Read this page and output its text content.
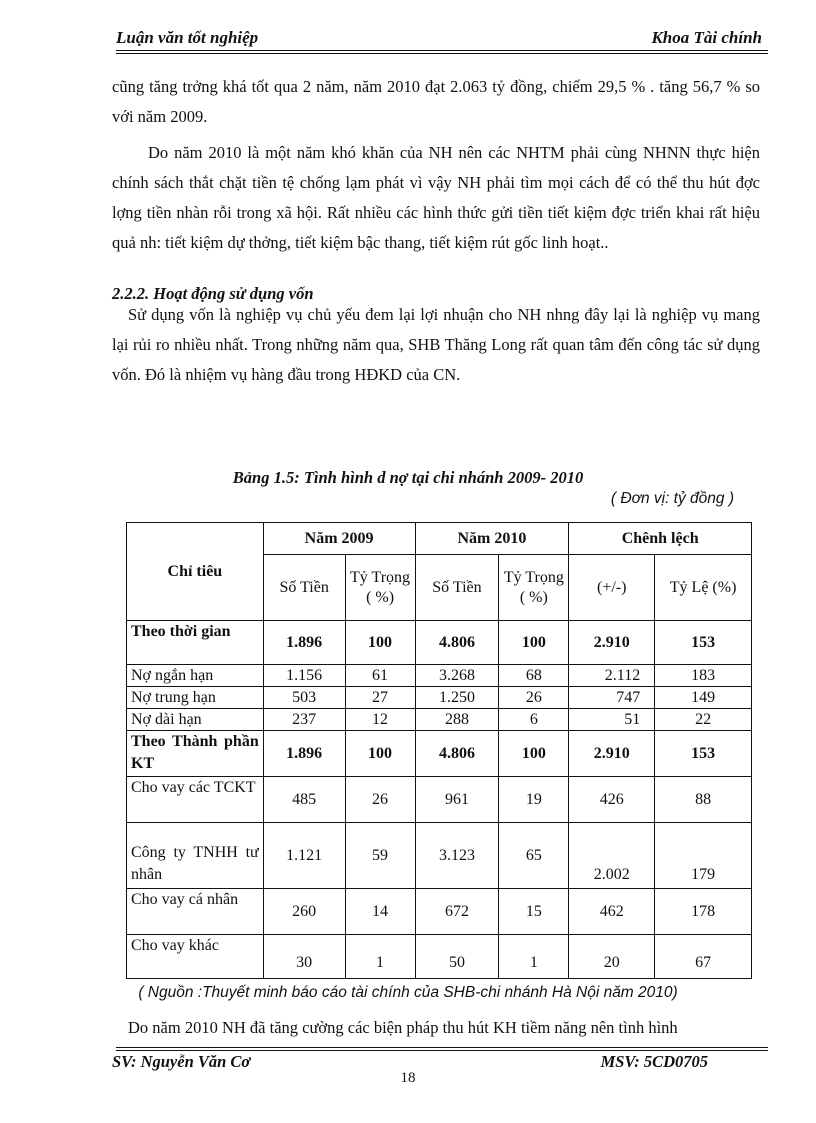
Luận văn tốt nghiệp	Khoa Tài chính
cũng tăng trởng khá tốt qua 2 năm, năm 2010 đạt 2.063 tỷ đồng, chiếm 29,5 % . tăng 56,7 % so với năm 2009.
Do năm 2010 là một năm khó khăn của NH nên các NHTM phải cùng NHNN thực hiện chính sách thắt chặt tiền tệ chống lạm phát vì vậy NH phải tìm mọi cách để có thể thu hút đợc lợng tiền nhàn rỗi trong xã hội. Rất nhiều các hình thức gửi tiền tiết kiệm đợc triển khai rất hiệu quả nh: tiết kiệm dự thởng, tiết kiệm bậc thang, tiết kiệm rút gốc linh hoạt..
2.2.2. Hoạt động sử dụng vốn
Sử dụng vốn là nghiệp vụ chủ yếu đem lại lợi nhuận cho NH nhng đây lại là nghiệp vụ mang lại rủi ro nhiều nhất. Trong những năm qua, SHB Thăng Long rất quan tâm đến công tác sử dụng vốn. Đó là nhiệm vụ hàng đầu trong HĐKD của CN.
Bảng 1.5: Tình hình d nợ tại chi nhánh 2009- 2010
( Đơn vị: tỷ đồng )
Chỉ tiêu	Năm 2009		Năm 2010		Chênh lệch	
	Số Tiền	Tỷ Trọng ( %)	Số Tiền	Tỷ Trọng ( %)	(+/-)	Tỷ Lệ (%)
Theo thời gian	1.896	100	4.806	100	2.910	153
Nợ ngắn hạn	1.156	61	3.268	68	2.112	183
Nợ trung hạn	503	27	1.250	26	747	149
Nợ dài hạn	237	12	288	6	51	22
Theo Thành phần KT	1.896	100	4.806	100	2.910	153
Cho vay các TCKT	485	26	961	19	426	88
Công ty TNHH tư nhân	1.121	59	3.123	65	2.002	179
Cho vay cá nhân	260	14	672	15	462	178
Cho vay khác	30	1	50	1	20	67
( Nguồn :Thuyết minh báo cáo tài chính của SHB-chi nhánh Hà Nội năm 2010)
Do năm 2010 NH đã tăng cường các biện pháp thu hút KH tiềm năng nên tình hình
SV: Nguyễn Văn Cơ	MSV: 5CD0705
18
